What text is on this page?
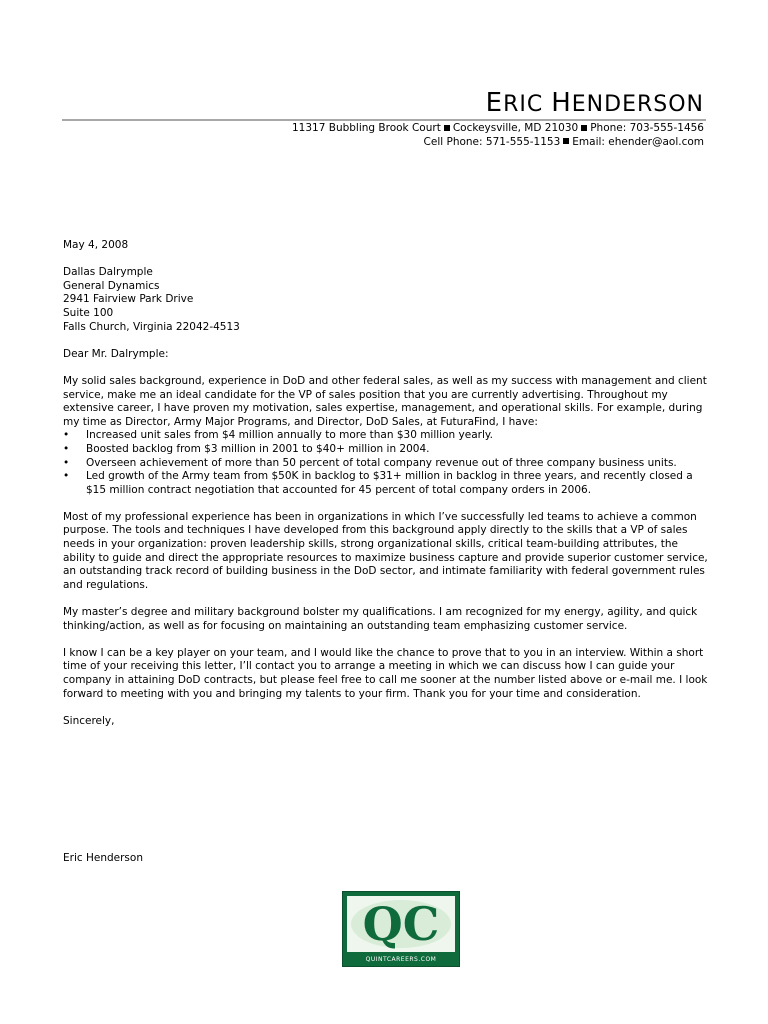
ERIC HENDERSON
11317 Bubbling Brook Court Cockeysville, MD 21030 Phone: 703-555-1456
Cell Phone: 571-555-1153 Email: ehender@aol.com

May 4, 2008

Dallas Dalrymple

General Dynamics

2941 Fairview Park Drive

Suite 100

Falls Church, Virginia 22042-4513

Dear Mr. Dalrymple:

My solid sales background, experience in DoD and other federal sales, as well as my success with management and client service, make me an ideal candidate for the VP of sales position that you are currently advertising. Throughout my extensive career, I have proven my motivation, sales expertise, management, and operational skills. For example, during my time as Director, Army Major Programs, and Director, DoD Sales, at FuturaFind, I have:

• Increased unit sales from $4 million annually to more than $30 million yearly.
• Boosted backlog from $3 million in 2001 to $40+ million in 2004.
• Overseen achievement of more than 50 percent of total company revenue out of three company business units.
• Led growth of the Army team from $50K in backlog to $31+ million in backlog in three years, and recently closed a $15 million contract negotiation that accounted for 45 percent of total company orders in 2006.

Most of my professional experience has been in organizations in which I’ve successfully led teams to achieve a common purpose. The tools and techniques I have developed from this background apply directly to the skills that a VP of sales needs in your organization: proven leadership skills, strong organizational skills, critical team-building attributes, the ability to guide and direct the appropriate resources to maximize business capture and provide superior customer service, an outstanding track record of building business in the DoD sector, and intimate familiarity with federal government rules and regulations.

My master’s degree and military background bolster my qualifications. I am recognized for my energy, agility, and quick thinking/action, as well as for focusing on maintaining an outstanding team emphasizing customer service.

I know I can be a key player on your team, and I would like the chance to prove that to you in an interview. Within a short time of your receiving this letter, I’ll contact you to arrange a meeting in which we can discuss how I can guide your company in attaining DoD contracts, but please feel free to call me sooner at the number listed above or e-mail me. I look forward to meeting with you and bringing my talents to your firm. Thank you for your time and consideration.

Sincerely,

Eric Henderson
QC
QUINTCAREERS.COM
